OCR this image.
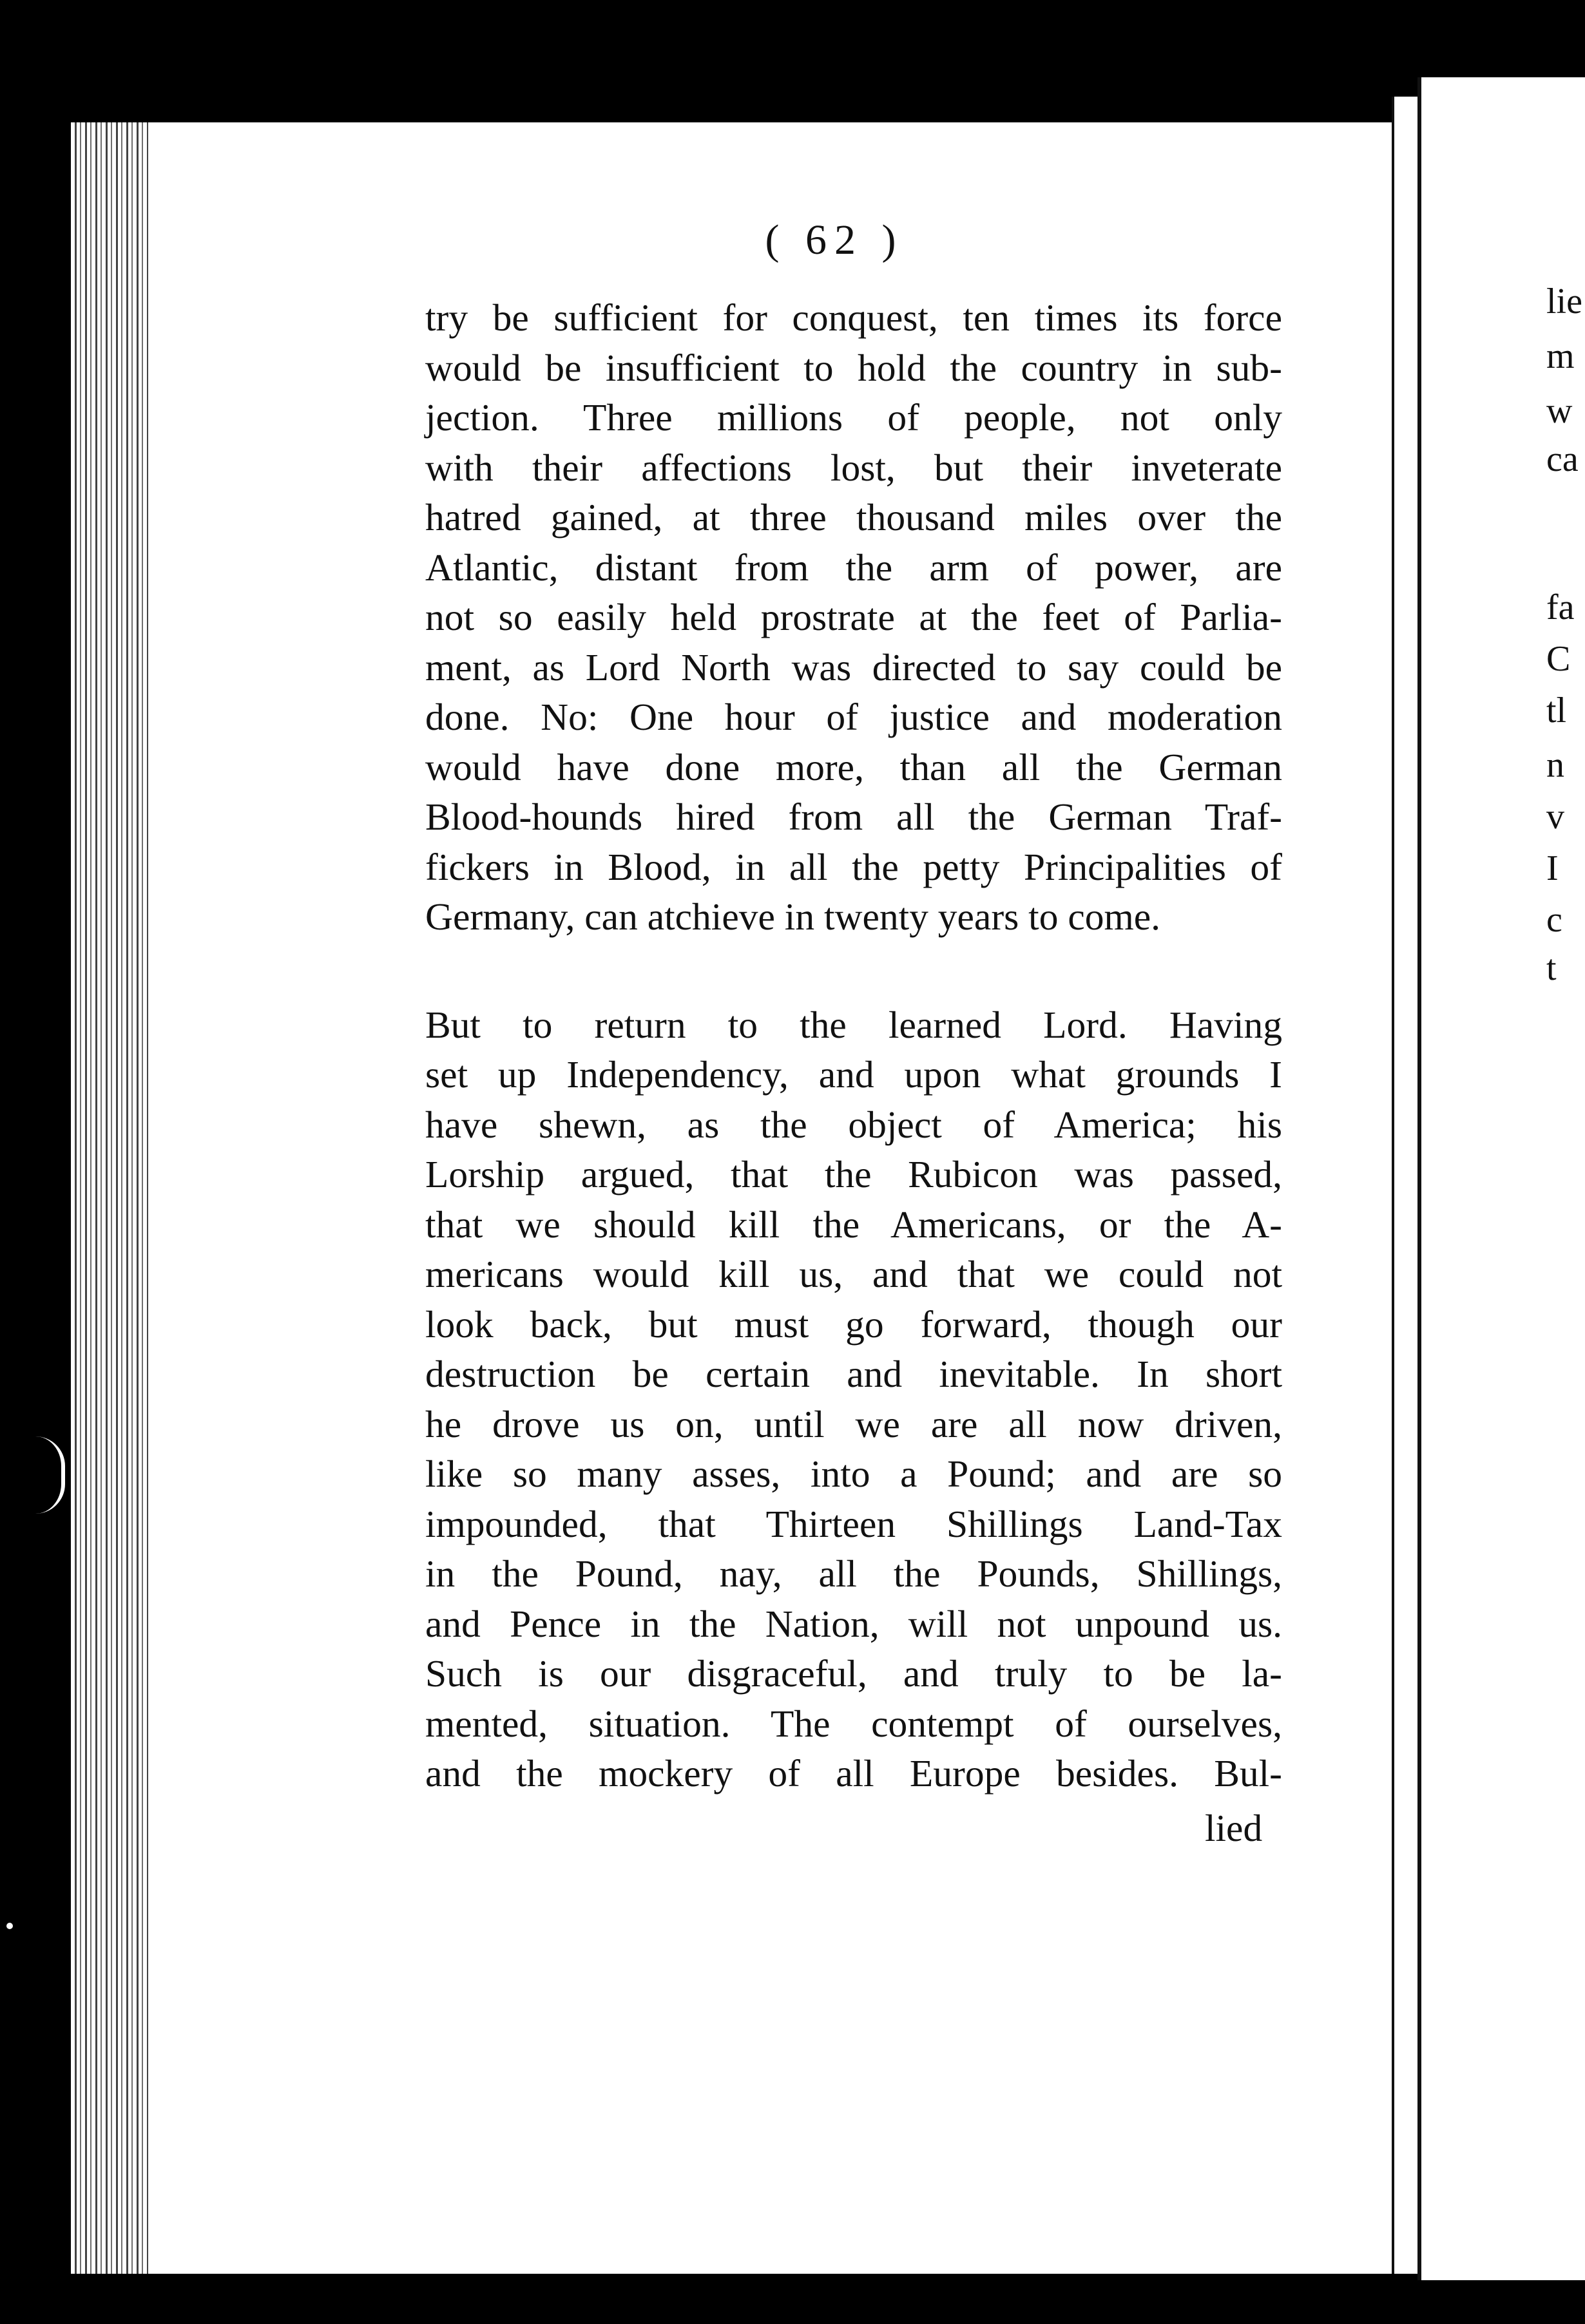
( 62 )
try be sufficient for conquest, ten times its force
would be insufficient to hold the country in sub-
jection. Three millions of people, not only
with their affections lost, but their inveterate
hatred gained, at three thousand miles over the
Atlantic, distant from the arm of power, are
not so easily held prostrate at the feet of Parlia-
ment, as Lord North was directed to say could be
done. No: One hour of justice and moderation
would have done more, than all the German
Blood-hounds hired from all the German Traf-
fickers in Blood, in all the petty Principalities of
Germany, can atchieve in twenty years to come.
But to return to the learned Lord. Having
set up Independency, and upon what grounds I
have shewn, as the object of America; his
Lorship argued, that the Rubicon was passed,
that we should kill the Americans, or the A-
mericans would kill us, and that we could not
look back, but must go forward, though our
destruction be certain and inevitable. In short
he drove us on, until we are all now driven,
like so many asses, into a Pound; and are so
impounded, that Thirteen Shillings Land-Tax
in the Pound, nay, all the Pounds, Shillings,
and Pence in the Nation, will not unpound us.
Such is our disgraceful, and truly to be la-
mented, situation. The contempt of ourselves,
and the mockery of all Europe besides. Bul-
lied
lie
m
w
ca
fa
C
tl
n
v
I
c
t
